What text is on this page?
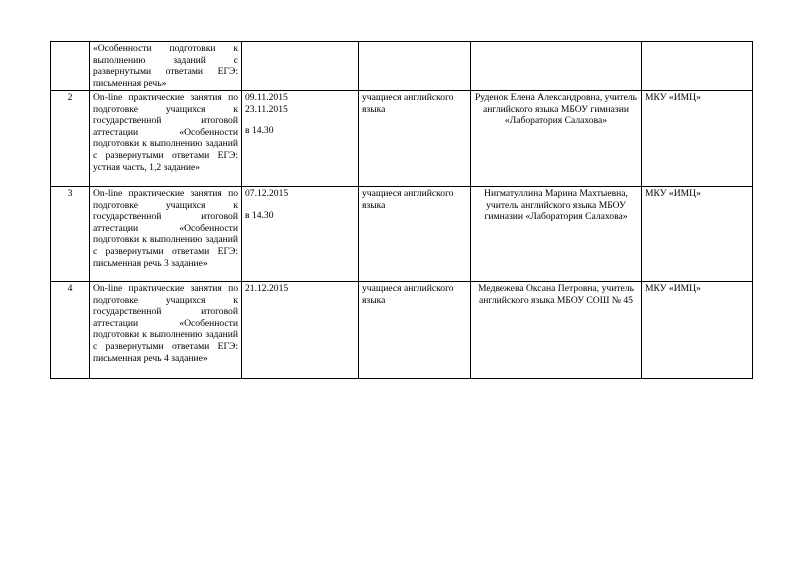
	«Особенности подготовки к выполнению заданий с развернутыми ответами ЕГЭ: письменная речь»				
2	On-line практические занятия по подготовке учащихся к государственной итоговой аттестации «Особенности подготовки к выполнению заданий с развернутыми ответами ЕГЭ: устная часть, 1,2 задание»	09.11.2015
23.11.2015
в 14.30	учащиеся английского языка	Руденок Елена Александровна, учитель английского языка МБОУ гимназии «Лаборатория Салахова»	МКУ «ИМЦ»
3	On-line практические занятия по подготовке учащихся к государственной итоговой аттестации «Особенности подготовки к выполнению заданий с развернутыми ответами ЕГЭ: письменная речь 3 задание»	07.12.2015
в 14.30	учащиеся английского языка	Нигматуллина Марина Махтыевна, учитель английского языка МБОУ гимназии «Лаборатория Салахова»	МКУ «ИМЦ»
4	On-line практические занятия по подготовке учащихся к государственной итоговой аттестации «Особенности подготовки к выполнению заданий с развернутыми ответами ЕГЭ: письменная речь 4 задание»	21.12.2015	учащиеся английского языка	Медвежева Оксана Петровна, учитель английского языка МБОУ СОШ № 45	МКУ «ИМЦ»
